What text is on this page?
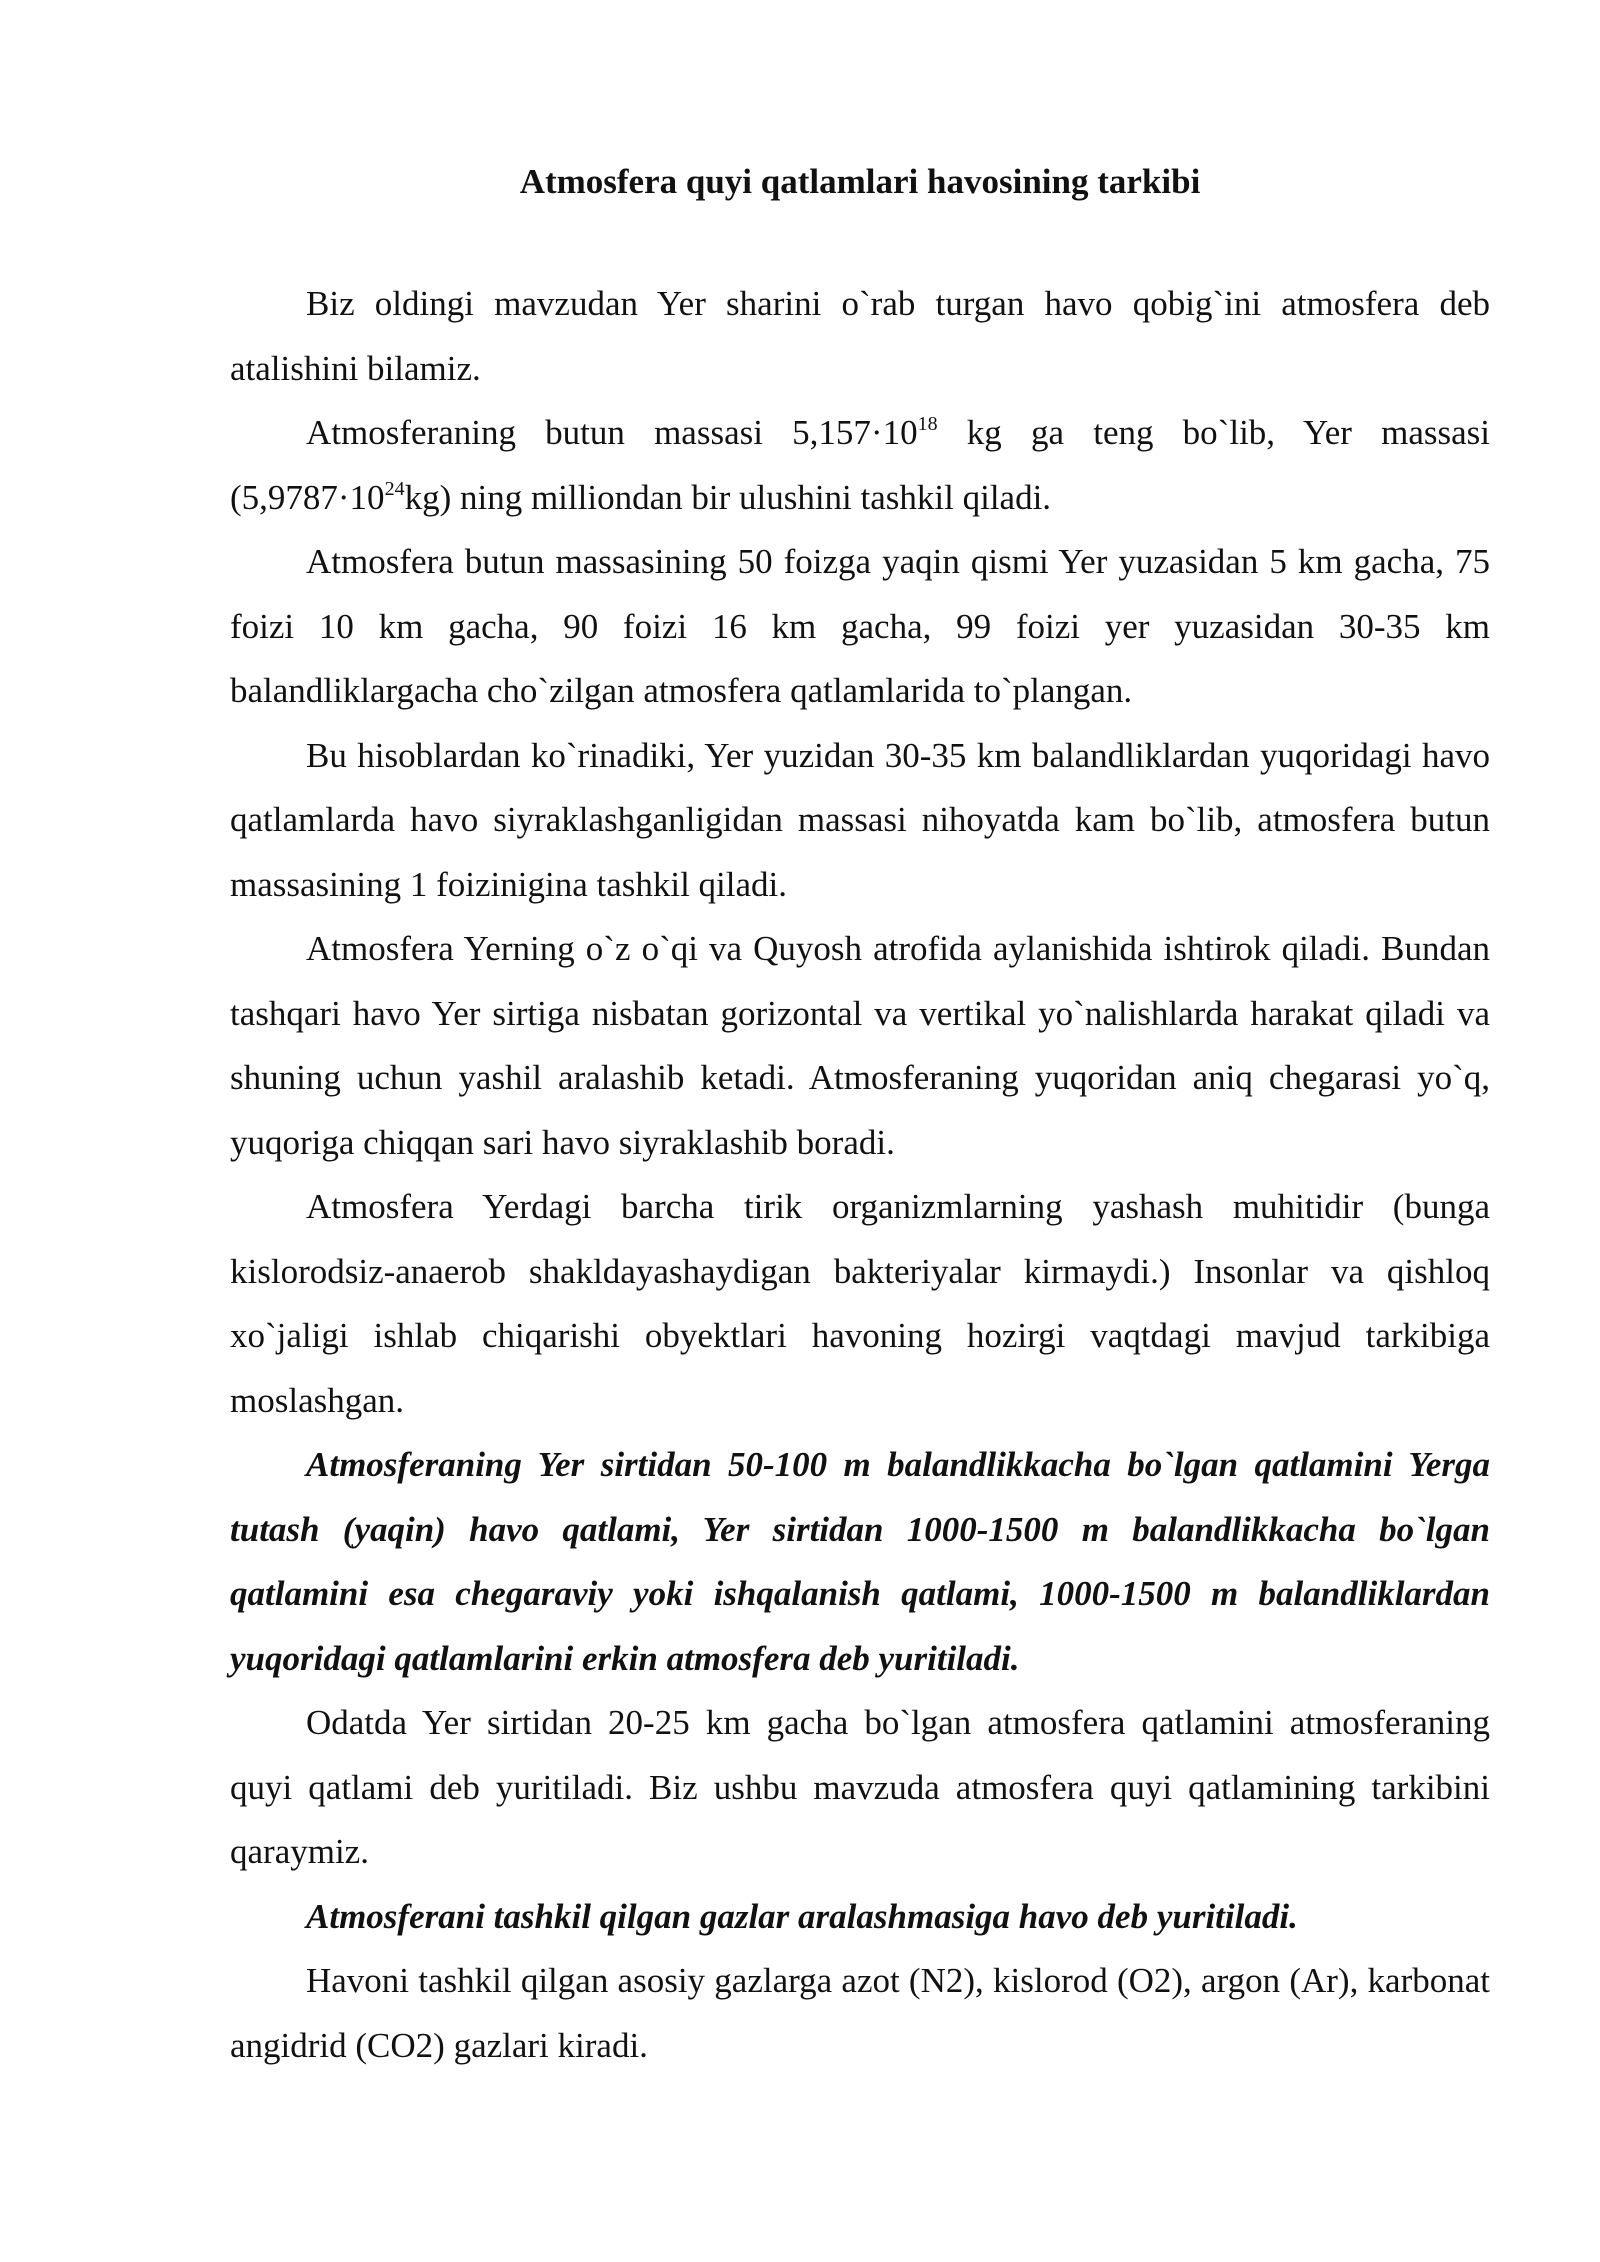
Atmosfera quyi qatlamlari havosining tarkibi

Biz oldingi mavzudan Yer sharini o`rab turgan havo qobig`ini atmosfera deb atalishini bilamiz.

Atmosferaning butun massasi $5,157\cdot 10^{18}$ kg ga teng bo`lib, Yer massasi $(5,9787\cdot 10^{24}kg)$ ning milliondan bir ulushini tashkil qiladi.

Atmosfera butun massasining 50 foizga yaqin qismi Yer yuzasidan 5 km gacha, 75 foizi 10 km gacha, 90 foizi 16 km gacha, 99 foizi yer yuzasidan 30-35 km balandliklargacha cho`zilgan atmosfera qatlamlarida to`plangan.

Bu hisoblardan ko`rinadiki, Yer yuzidan 30-35 km balandliklardan yuqoridagi havo qatlamlarda havo siyraklashganligidan massasi nihoyatda kam bo`lib, atmosfera butun massasining 1 foizinigina tashkil qiladi.

Atmosfera Yerning o`z o`qi va Quyosh atrofida aylanishida ishtirok qiladi. Bundan tashqari havo Yer sirtiga nisbatan gorizontal va vertikal yo`nalishlarda harakat qiladi va shuning uchun yashil aralashib ketadi. Atmosferaning yuqoridan aniq chegarasi yo`q, yuqoriga chiqqan sari havo siyraklashib boradi.

Atmosfera Yerdagi barcha tirik organizmlarning yashash muhitidir (bunga kislorodsiz-anaerob shakldayashaydigan bakteriyalar kirmaydi.) Insonlar va qishloq xo`jaligi ishlab chiqarishi obyektlari havoning hozirgi vaqtdagi mavjud tarkibiga moslashgan.

Atmosferaning Yer sirtidan 50-100 m balandlikkacha bo`lgan qatlamini Yerga tutash (yaqin) havo qatlami, Yer sirtidan 1000-1500 m balandlikkacha bo`lgan qatlamini esa chegaraviy yoki ishqalanish qatlami, 1000-1500 m balandliklardan yuqoridagi qatlamlarini erkin atmosfera deb yuritiladi.

Odatda Yer sirtidan 20-25 km gacha bo`lgan atmosfera qatlamini atmosferaning quyi qatlami deb yuritiladi. Biz ushbu mavzuda atmosfera quyi qatlamining tarkibini qaraymiz.

Atmosferani tashkil qilgan gazlar aralashmasiga havo deb yuritiladi.

Havoni tashkil qilgan asosiy gazlarga azot (N2), kislorod (O2), argon (Ar), karbonat angidrid (CO2) gazlari kiradi.
